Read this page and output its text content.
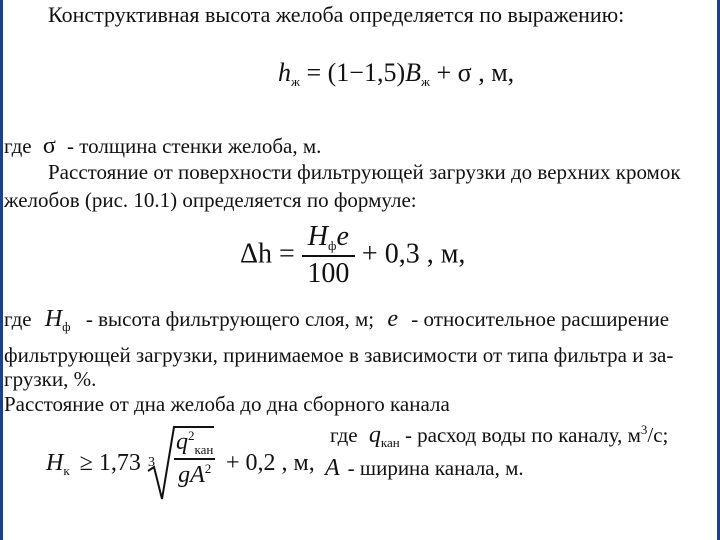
Конструктивная высота желоба определяется по выражению:
$h_ж = (1-1,5)B_ж + \sigma$ , м,
где σ - толщина стенки желоба, м.
Расстояние от поверхности фильтрующей загрузки до верхних кромок
желобов (рис. 10.1) определяется по формуле:
$\Delta h = \frac{H_фe}{100} + 0,3$ , м,
где $H_ф$ - высота фильтрующего слоя, м; e - относительное расширение
фильтрующей загрузки, принимаемое в зависимости от типа фильтра и за-
грузки, %.
Расстояние от дна желоба до дна сборного канала
где $q_{кан}$ - расход воды по каналу, $м^3/с$;
$H_к \ge 1,73$ 3
$q^2_{кан}$
$gA^2 + 0,2$ , м, A - ширина канала, м.
